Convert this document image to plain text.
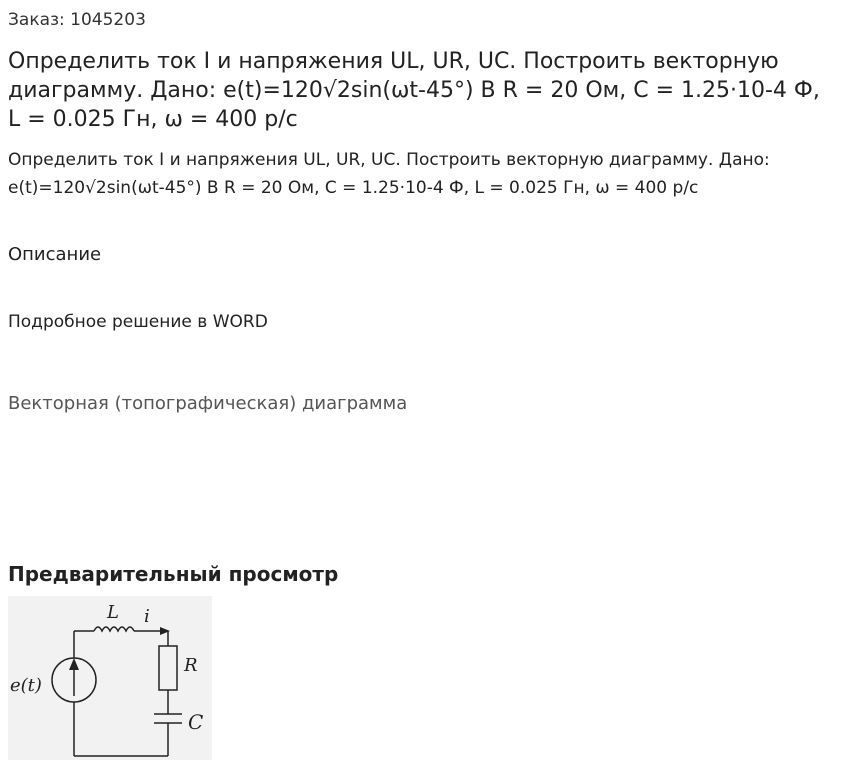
Заказ: 1045203
Определить ток I и напряжения UL, UR, UC. Построить векторную диаграмму. Дано: e(t)=120√2sin(ωt-45°) В R = 20 Ом, C = 1.25·10-4 Ф, L = 0.025 Гн, ω = 400 р/с
Определить ток I и напряжения UL, UR, UC. Построить векторную диаграмму. Дано: e(t)=120√2sin(ωt-45°) В R = 20 Ом, C = 1.25·10-4 Ф, L = 0.025 Гн, ω = 400 р/с
Описание
Подробное решение в WORD
Векторная (топографическая) диаграмма
Предварительный просмотр
e(t)
L i
R
C
